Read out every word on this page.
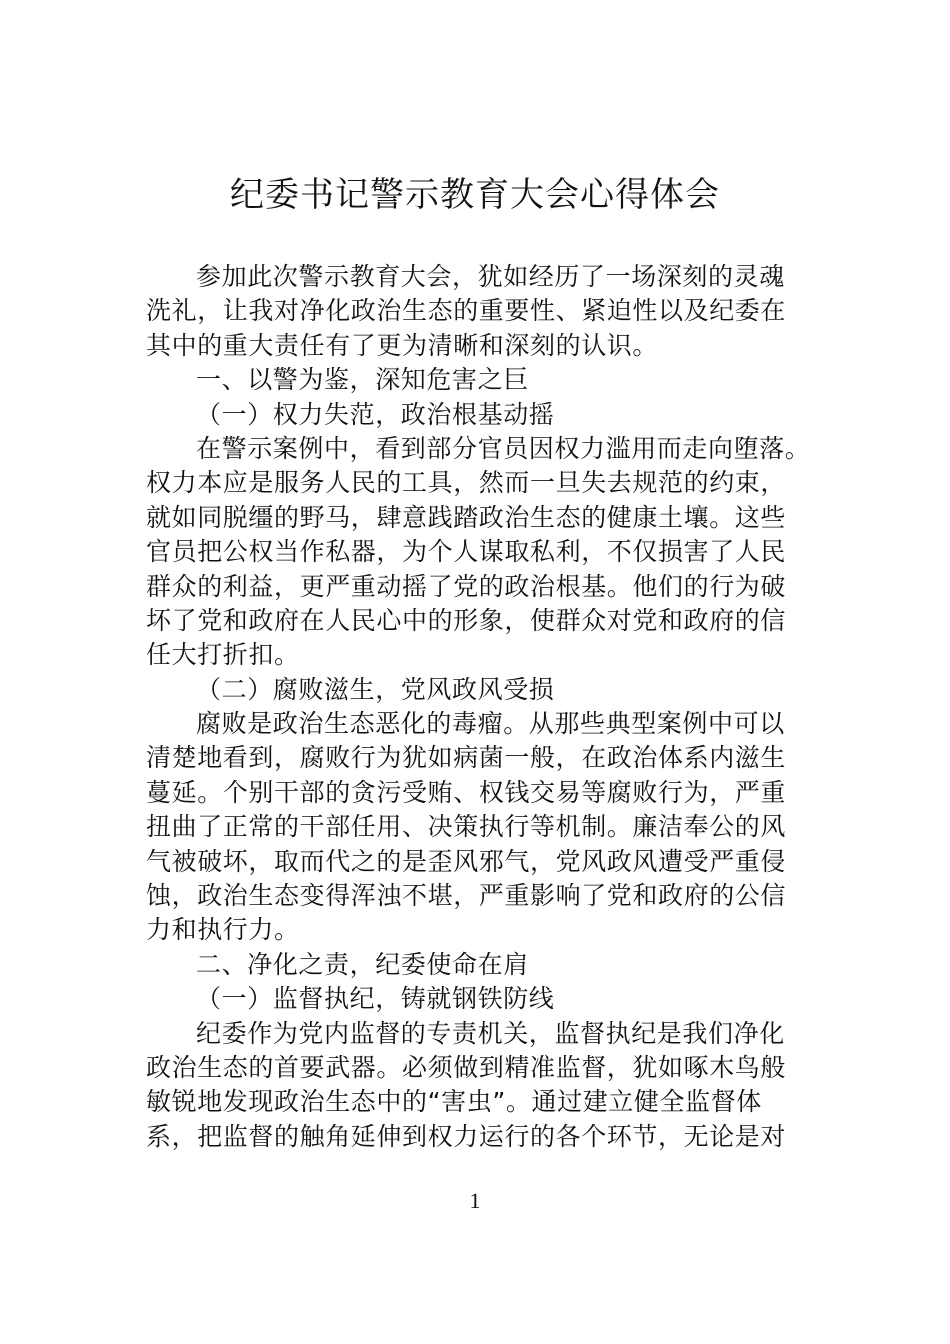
纪委书记警示教育大会心得体会
参加此次警示教育大会，犹如经历了一场深刻的灵魂
洗礼，让我对净化政治生态的重要性、紧迫性以及纪委在
其中的重大责任有了更为清晰和深刻的认识。
一、以警为鉴，深知危害之巨
（一）权力失范，政治根基动摇
在警示案例中，看到部分官员因权力滥用而走向堕落。
权力本应是服务人民的工具，然而一旦失去规范的约束，
就如同脱缰的野马，肆意践踏政治生态的健康土壤。这些
官员把公权当作私器，为个人谋取私利，不仅损害了人民
群众的利益，更严重动摇了党的政治根基。他们的行为破
坏了党和政府在人民心中的形象，使群众对党和政府的信
任大打折扣。
（二）腐败滋生，党风政风受损
腐败是政治生态恶化的毒瘤。从那些典型案例中可以
清楚地看到，腐败行为犹如病菌一般，在政治体系内滋生
蔓延。个别干部的贪污受贿、权钱交易等腐败行为，严重
扭曲了正常的干部任用、决策执行等机制。廉洁奉公的风
气被破坏，取而代之的是歪风邪气，党风政风遭受严重侵
蚀，政治生态变得浑浊不堪，严重影响了党和政府的公信
力和执行力。
二、净化之责，纪委使命在肩
（一）监督执纪，铸就钢铁防线
纪委作为党内监督的专责机关，监督执纪是我们净化
政治生态的首要武器。必须做到精准监督，犹如啄木鸟般
敏锐地发现政治生态中的“害虫”。通过建立健全监督体
系，把监督的触角延伸到权力运行的各个环节，无论是对
1
